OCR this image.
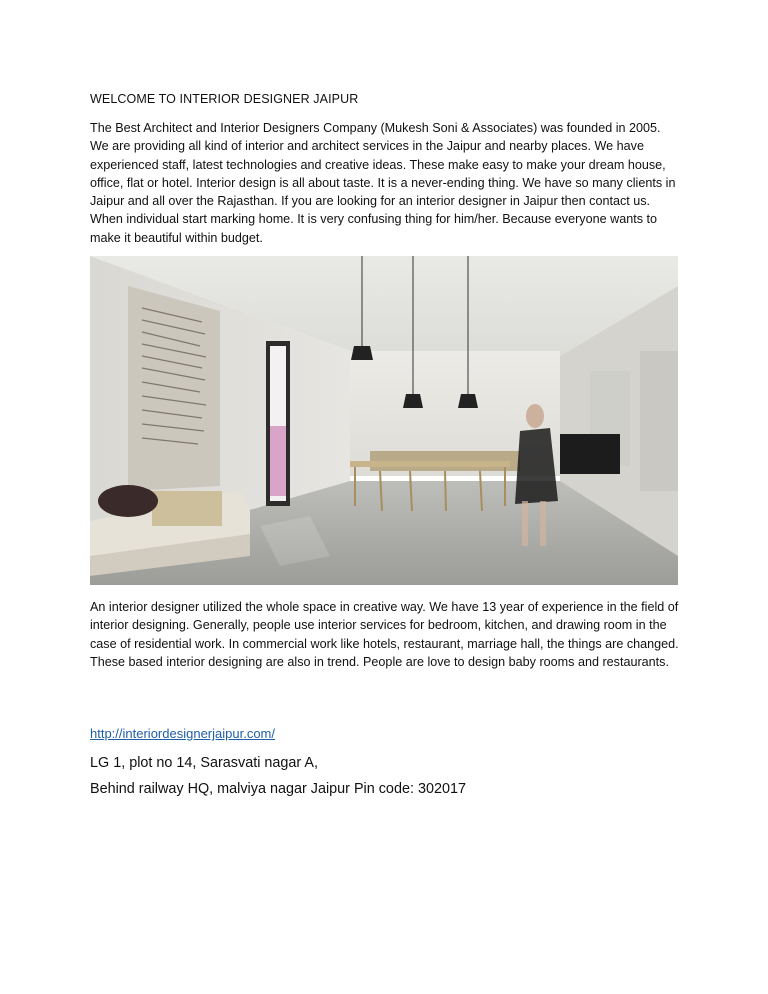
WELCOME TO INTERIOR DESIGNER JAIPUR
The Best Architect and Interior Designers Company (Mukesh Soni & Associates) was founded in 2005. We are providing all kind of interior and architect services in the Jaipur and nearby places. We have experienced staff, latest technologies and creative ideas. These make easy to make your dream house, office, flat or hotel. Interior design is all about taste. It is a never-ending thing. We have so many clients in Jaipur and all over the Rajasthan. If you are looking for an interior designer in Jaipur then contact us. When individual start marking home. It is very confusing thing for him/her. Because everyone wants to make it beautiful within budget.
An interior designer utilized the whole space in creative way. We have 13 year of experience in the field of interior designing. Generally, people use interior services for bedroom, kitchen, and drawing room in the case of residential work. In commercial work like hotels, restaurant, marriage hall, the things are changed. These based interior designing are also in trend. People are love to design baby rooms and restaurants.
http://interiordesignerjaipur.com/
LG 1, plot no 14, Sarasvati nagar A,
Behind railway HQ, malviya nagar Jaipur Pin code: 302017
